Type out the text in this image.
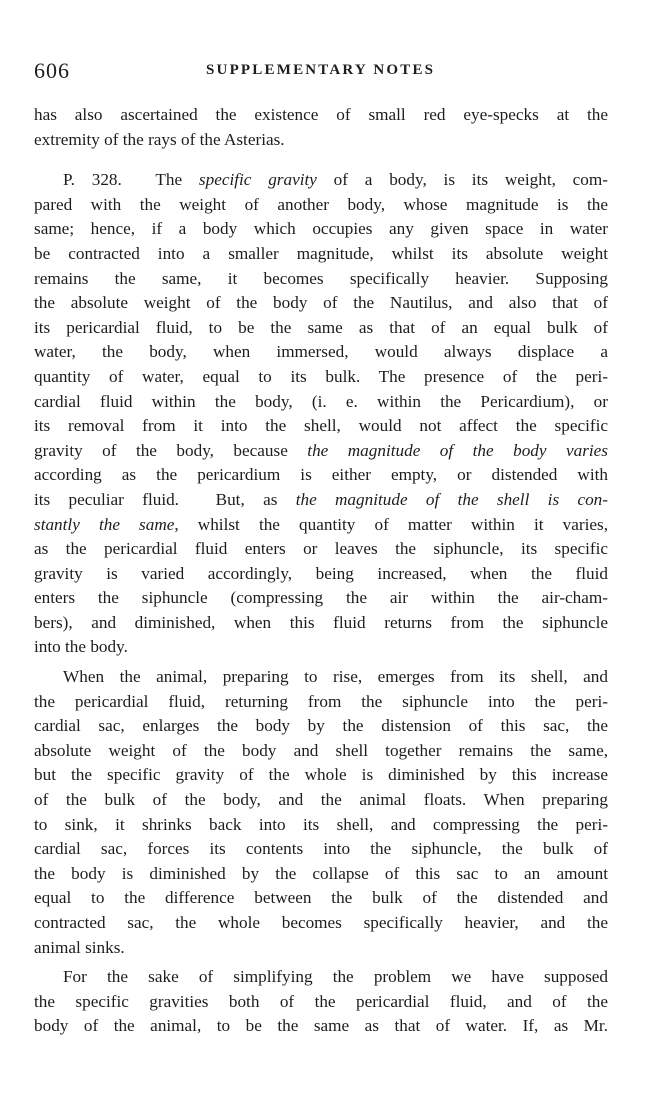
606	SUPPLEMENTARY NOTES
has also ascertained the existence of small red eye-specks at the
extremity of the rays of the Asterias.
P. 328.  The specific gravity of a body, is its weight, com-
pared with the weight of another body, whose magnitude is the
same; hence, if a body which occupies any given space in water
be contracted into a smaller magnitude, whilst its absolute weight
remains the same, it becomes specifically heavier. Supposing
the absolute weight of the body of the Nautilus, and also that of
its pericardial fluid, to be the same as that of an equal bulk of
water, the body, when immersed, would always displace a
quantity of water, equal to its bulk. The presence of the peri-
cardial fluid within the body, (i. e. within the Pericardium), or
its removal from it into the shell, would not affect the specific
gravity of the body, because the magnitude of the body varies
according as the pericardium is either empty, or distended with
its peculiar fluid.  But, as the magnitude of the shell is con-
stantly the same, whilst the quantity of matter within it varies,
as the pericardial fluid enters or leaves the siphuncle, its specific
gravity is varied accordingly, being increased, when the fluid
enters the siphuncle (compressing the air within the air-cham-
bers), and diminished, when this fluid returns from the siphuncle
into the body.
When the animal, preparing to rise, emerges from its shell, and
the pericardial fluid, returning from the siphuncle into the peri-
cardial sac, enlarges the body by the distension of this sac, the
absolute weight of the body and shell together remains the same,
but the specific gravity of the whole is diminished by this increase
of the bulk of the body, and the animal floats. When preparing
to sink, it shrinks back into its shell, and compressing the peri-
cardial sac, forces its contents into the siphuncle, the bulk of
the body is diminished by the collapse of this sac to an amount
equal to the difference between the bulk of the distended and
contracted sac, the whole becomes specifically heavier, and the
animal sinks.
For the sake of simplifying the problem we have supposed
the specific gravities both of the pericardial fluid, and of the
body of the animal, to be the same as that of water. If, as Mr.
